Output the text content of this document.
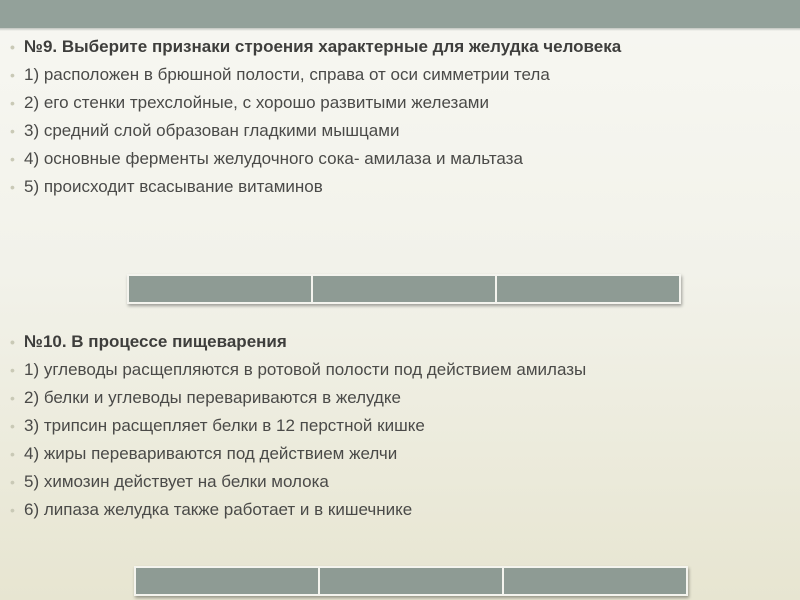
• №9. Выберите признаки строения характерные для желудка человека
• 1) расположен в брюшной полости, справа от оси симметрии тела
• 2) его стенки трехслойные, с хорошо развитыми железами
• 3) средний слой образован гладкими мышцами
• 4) основные ферменты желудочного сока- амилаза и мальтаза
• 5) происходит всасывание витаминов

• №10. В процессе пищеварения
• 1) углеводы расщепляются в ротовой полости под действием амилазы
• 2) белки и углеводы перевариваются в желудке
• 3) трипсин расщепляет белки в 12 перстной кишке
• 4) жиры перевариваются под действием желчи
• 5) химозин действует на белки молока
• 6) липаза желудка также работает и в кишечнике
